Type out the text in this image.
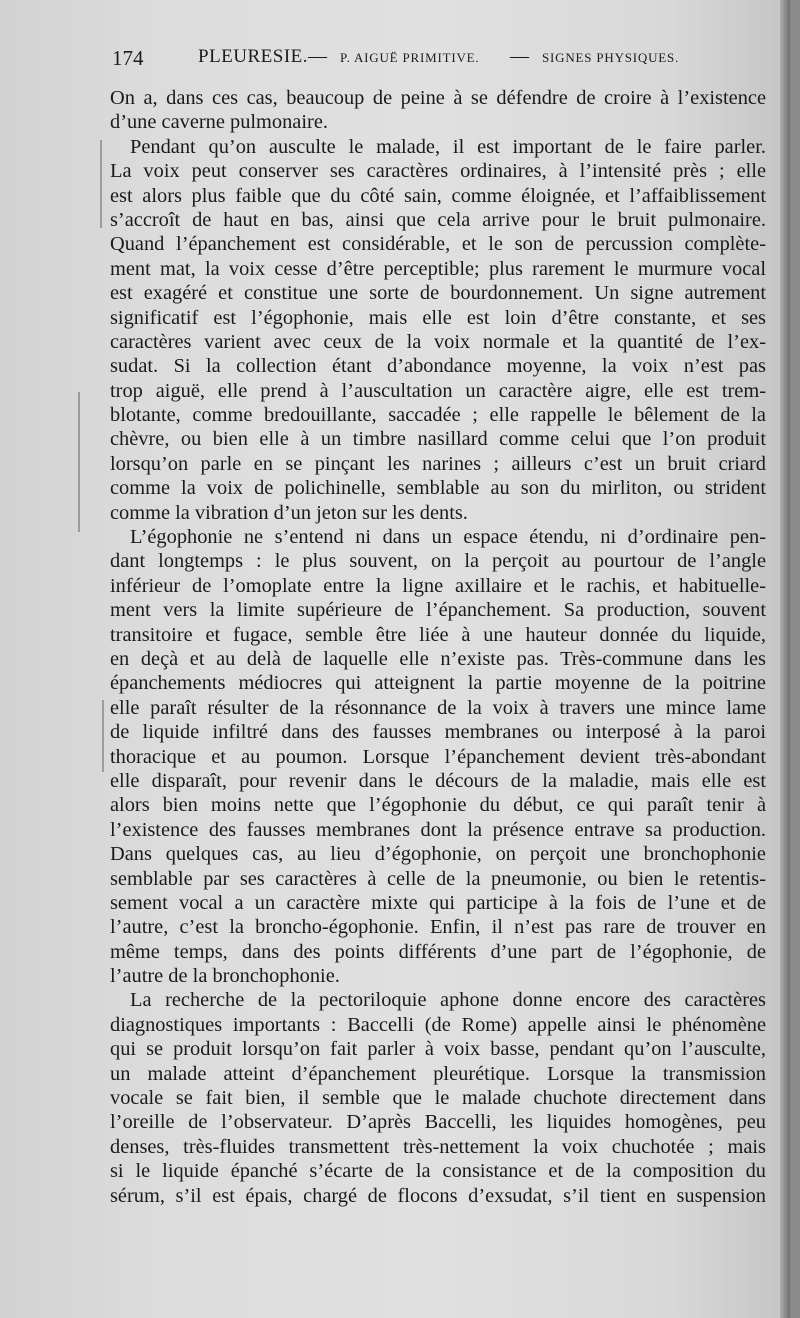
174	PLEURESIE. — P. AIGUË PRIMITIVE. — SIGNES PHYSIQUES.
On a, dans ces cas, beaucoup de peine à se défendre de croire à l’existence
d’une caverne pulmonaire.
Pendant qu’on ausculte le malade, il est important de le faire parler.
La voix peut conserver ses caractères ordinaires, à l’intensité près ; elle
est alors plus faible que du côté sain, comme éloignée, et l’affaiblissement
s’accroît de haut en bas, ainsi que cela arrive pour le bruit pulmonaire.
Quand l’épanchement est considérable, et le son de percussion complète-
ment mat, la voix cesse d’être perceptible; plus rarement le murmure vocal
est exagéré et constitue une sorte de bourdonnement. Un signe autrement
significatif est l’égophonie, mais elle est loin d’être constante, et ses
caractères varient avec ceux de la voix normale et la quantité de l’ex-
sudat. Si la collection étant d’abondance moyenne, la voix n’est pas
trop aiguë, elle prend à l’auscultation un caractère aigre, elle est trem-
blotante, comme bredouillante, saccadée ; elle rappelle le bêlement de la
chèvre, ou bien elle à un timbre nasillard comme celui que l’on produit
lorsqu’on parle en se pinçant les narines ; ailleurs c’est un bruit criard
comme la voix de polichinelle, semblable au son du mirliton, ou strident
comme la vibration d’un jeton sur les dents.
L’égophonie ne s’entend ni dans un espace étendu, ni d’ordinaire pen-
dant longtemps : le plus souvent, on la perçoit au pourtour de l’angle
inférieur de l’omoplate entre la ligne axillaire et le rachis, et habituelle-
ment vers la limite supérieure de l’épanchement. Sa production, souvent
transitoire et fugace, semble être liée à une hauteur donnée du liquide,
en deçà et au delà de laquelle elle n’existe pas. Très-commune dans les
épanchements médiocres qui atteignent la partie moyenne de la poitrine
elle paraît résulter de la résonnance de la voix à travers une mince lame
de liquide infiltré dans des fausses membranes ou interposé à la paroi
thoracique et au poumon. Lorsque l’épanchement devient très-abondant
elle disparaît, pour revenir dans le décours de la maladie, mais elle est
alors bien moins nette que l’égophonie du début, ce qui paraît tenir à
l’existence des fausses membranes dont la présence entrave sa production.
Dans quelques cas, au lieu d’égophonie, on perçoit une bronchophonie
semblable par ses caractères à celle de la pneumonie, ou bien le retentis-
sement vocal a un caractère mixte qui participe à la fois de l’une et de
l’autre, c’est la broncho-égophonie. Enfin, il n’est pas rare de trouver en
même temps, dans des points différents d’une part de l’égophonie, de
l’autre de la bronchophonie.
La recherche de la pectoriloquie aphone donne encore des caractères
diagnostiques importants : Baccelli (de Rome) appelle ainsi le phénomène
qui se produit lorsqu’on fait parler à voix basse, pendant qu’on l’ausculte,
un malade atteint d’épanchement pleurétique. Lorsque la transmission
vocale se fait bien, il semble que le malade chuchote directement dans
l’oreille de l’observateur. D’après Baccelli, les liquides homogènes, peu
denses, très-fluides transmettent très-nettement la voix chuchotée ; mais
si le liquide épanché s’écarte de la consistance et de la composition du
sérum, s’il est épais, chargé de flocons d’exsudat, s’il tient en suspension
